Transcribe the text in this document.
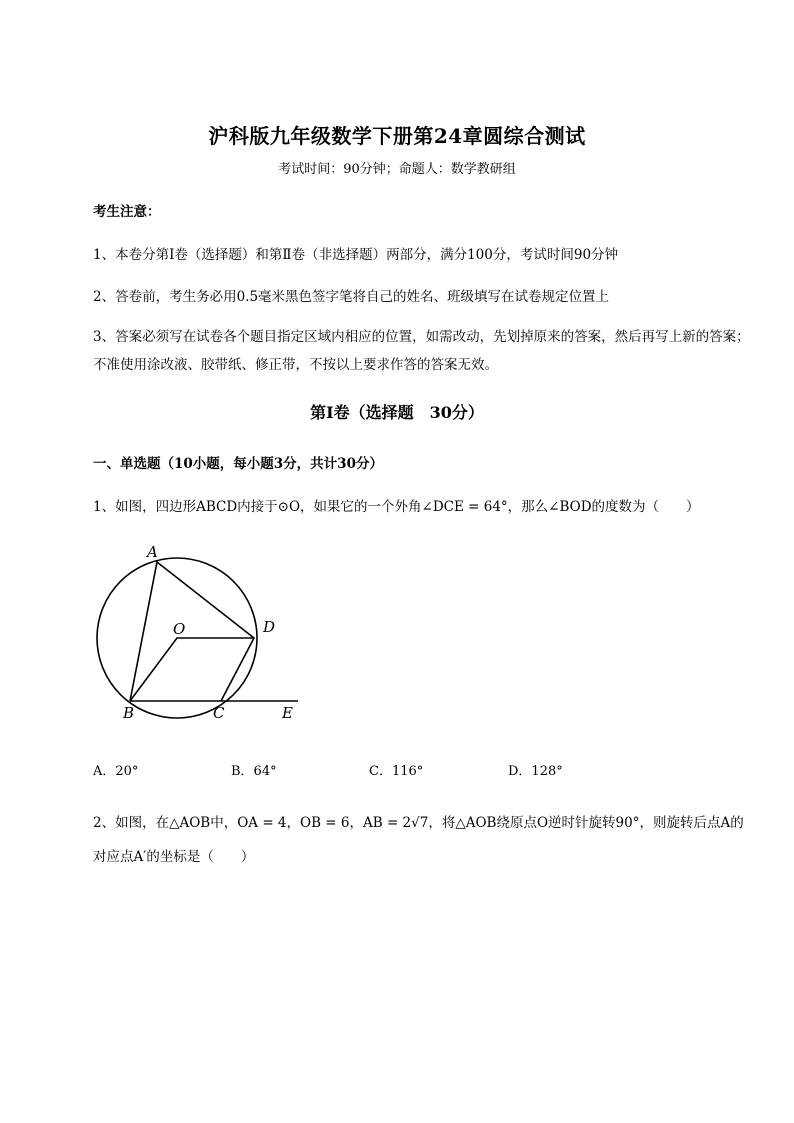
沪科版九年级数学下册第24章圆综合测试
考试时间：90分钟；命题人：数学教研组
考生注意：
1、本卷分第I卷（选择题）和第Ⅱ卷（非选择题）两部分，满分100分，考试时间90分钟
2、答卷前，考生务必用0.5毫米黑色签字笔将自己的姓名、班级填写在试卷规定位置上
3、答案必须写在试卷各个题目指定区域内相应的位置，如需改动，先划掉原来的答案，然后再写上新的答案；不准使用涂改液、胶带纸、修正带，不按以上要求作答的答案无效。
第I卷（选择题　30分）
一、单选题（10小题，每小题3分，共计30分）
1、如图，四边形ABCD内接于⊙O，如果它的一个外角∠DCE = 64°，那么∠BOD的度数为（　　）
A
O	D
B	C	E
A．20°	B．64°	C．116°	D．128°
2、如图，在△AOB中，OA = 4，OB = 6，AB = 2√7，将△AOB绕原点O逆时针旋转90°，则旋转后点A的对应点A′的坐标是（　　）
